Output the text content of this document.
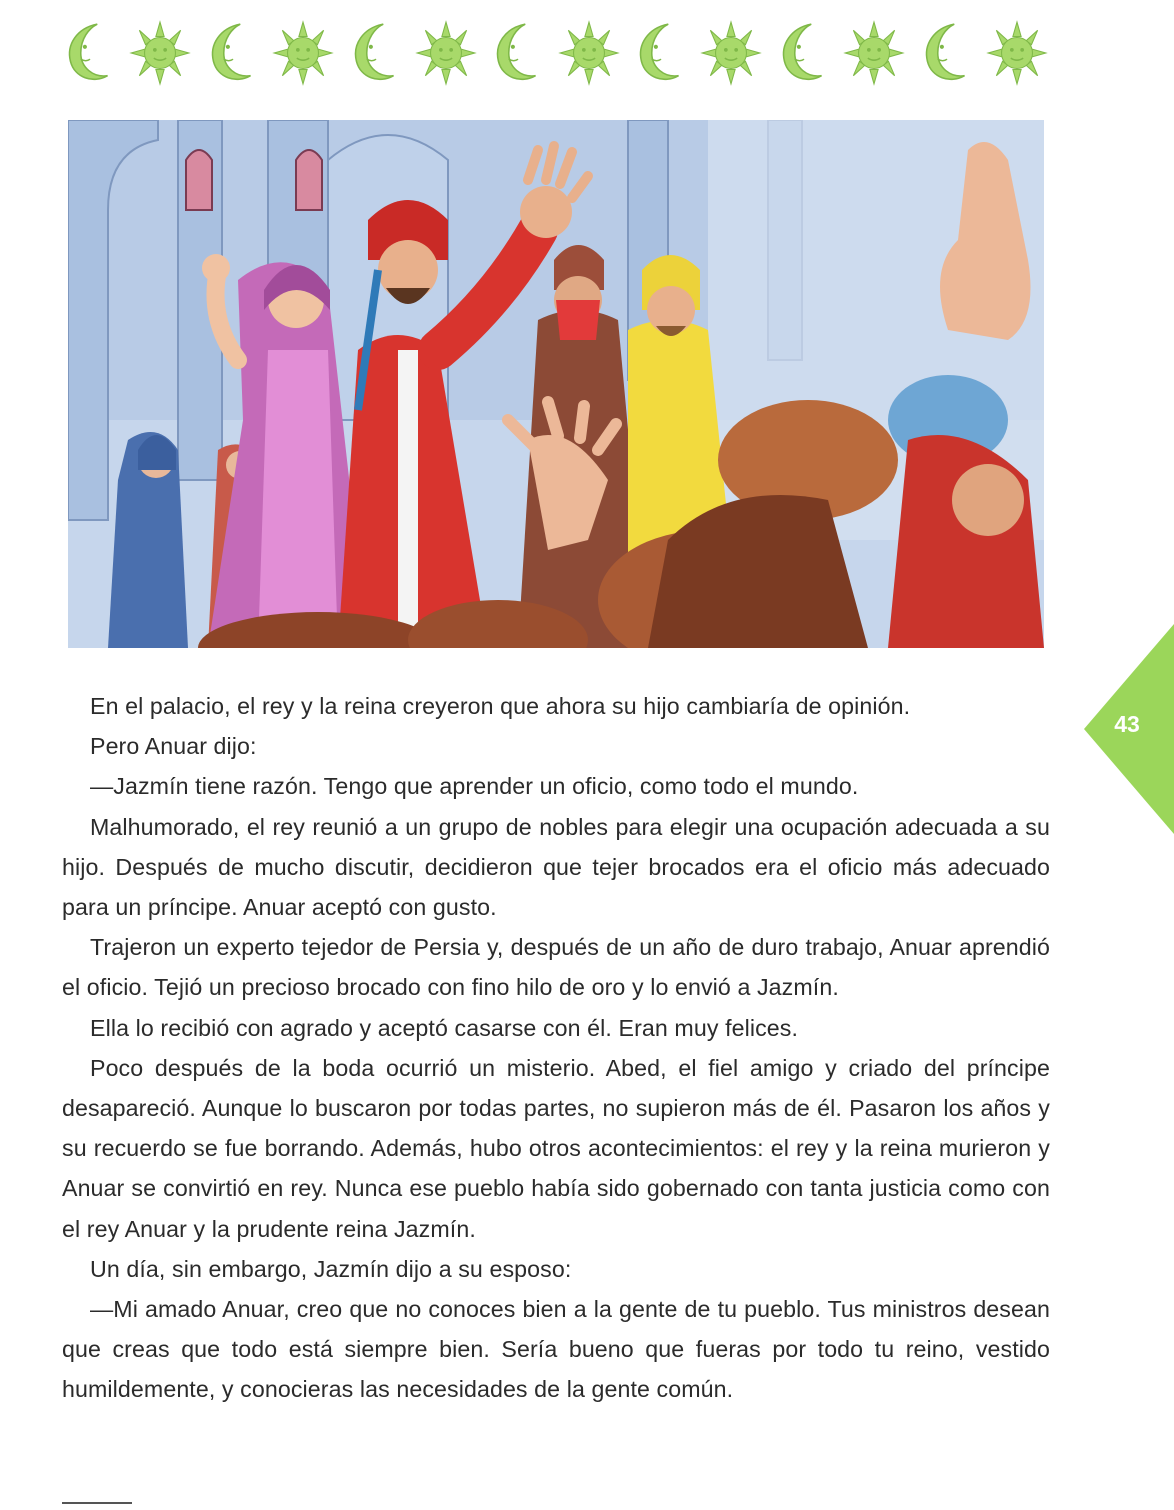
43

En el palacio, el rey y la reina creyeron que ahora su hijo cambiaría de opinión.

Pero Anuar dijo:

—Jazmín tiene razón. Tengo que aprender un oficio, como todo el mundo.

Malhumorado, el rey reunió a un grupo de nobles para elegir una ocupación adecuada a su hijo. Después de mucho discutir, decidieron que tejer brocados era el oficio más adecuado para un príncipe. Anuar aceptó con gusto.

Trajeron un experto tejedor de Persia y, después de un año de duro trabajo, Anuar aprendió el oficio. Tejió un precioso brocado con fino hilo de oro y lo envió a Jazmín.

Ella lo recibió con agrado y aceptó casarse con él. Eran muy felices.

Poco después de la boda ocurrió un misterio. Abed, el fiel amigo y criado del príncipe desapareció. Aunque lo buscaron por todas partes, no supieron más de él. Pasaron los años y su recuerdo se fue borrando. Además, hubo otros acontecimientos: el rey y la reina murieron y Anuar se convirtió en rey. Nunca ese pueblo había sido gobernado con tanta justicia como con el rey Anuar y la prudente reina Jazmín.

Un día, sin embargo, Jazmín dijo a su esposo:

—Mi amado Anuar, creo que no conoces bien a la gente de tu pueblo. Tus ministros desean que creas que todo está siempre bien. Sería bueno que fueras por todo tu reino, vestido humildemente, y conocieras las necesidades de la gente común.
